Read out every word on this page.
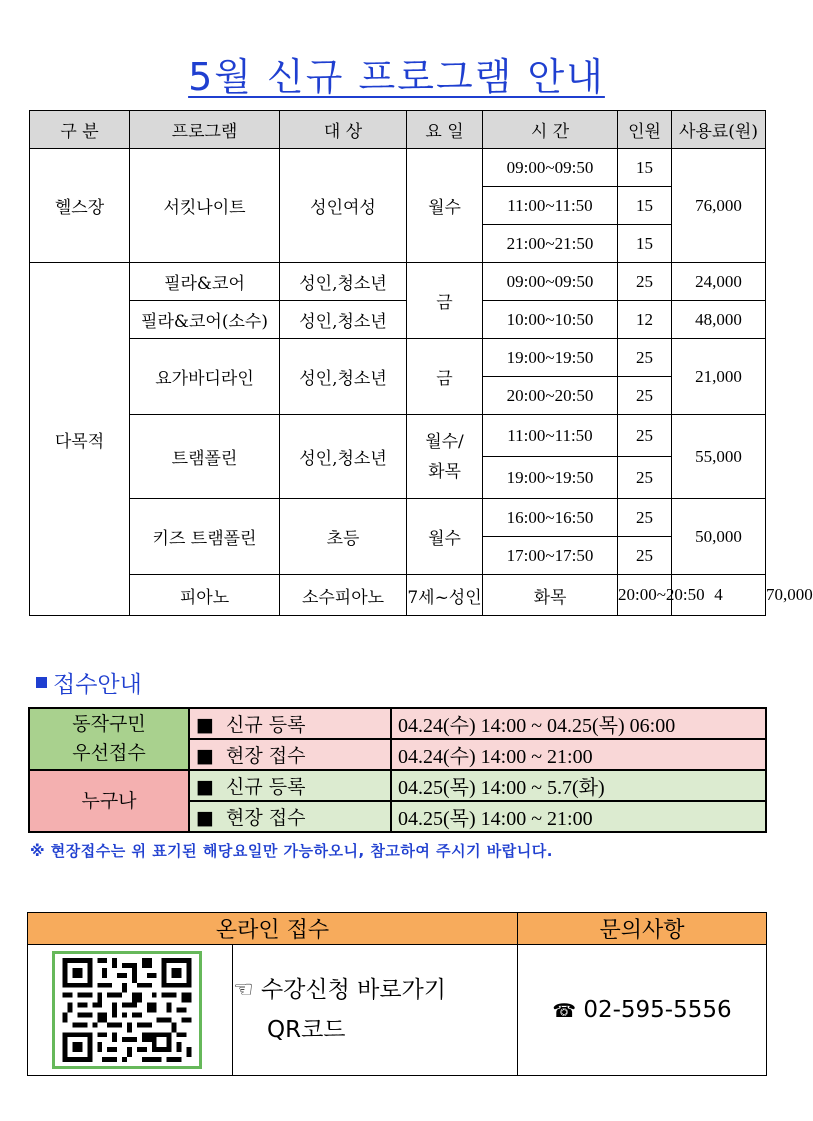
5월 신규 프로그램 안내
구 분	프로그램	대 상	요 일	시 간	인원	사용료(원)	
헬스장	서킷나이트	성인여성	월수	09:00~09:50	15	76,000	
				11:00~11:50	15		
				21:00~21:50	15		
다목적	필라&코어	성인,청소년	금	09:00~09:50	25	24,000	
	필라&코어(소수)	성인,청소년		10:00~10:50	12	48,000	
	요가바디라인	성인,청소년	금	19:00~19:50	25	21,000	
				20:00~20:50	25		
	트램폴린	성인,청소년	월수/
화목	11:00~11:50	25	55,000	
				19:00~19:50	25		
	키즈 트램폴린	초등	월수	16:00~16:50	25	50,000	
				17:00~17:50	25		
	피아노	소수피아노	7세~성인	화목	20:00~20:50	4	70,000
접수안내
동작구민
우선접수	■ 신규 등록	04.24(수) 14:00 ~ 04.25(목) 06:00
	■ 현장 접수	04.24(수) 14:00 ~ 21:00
누구나	■ 신규 등록	04.25(목) 14:00 ~ 5.7(화)
	■ 현장 접수	04.25(목) 14:00 ~ 21:00
※ 현장접수는 위 표기된 해당요일만 가능하오니, 참고하여 주시기 바랍니다.
온라인 접수		문의사항

☜ 수강신청 바로가기
QR코드	☎ 02-595-5556
